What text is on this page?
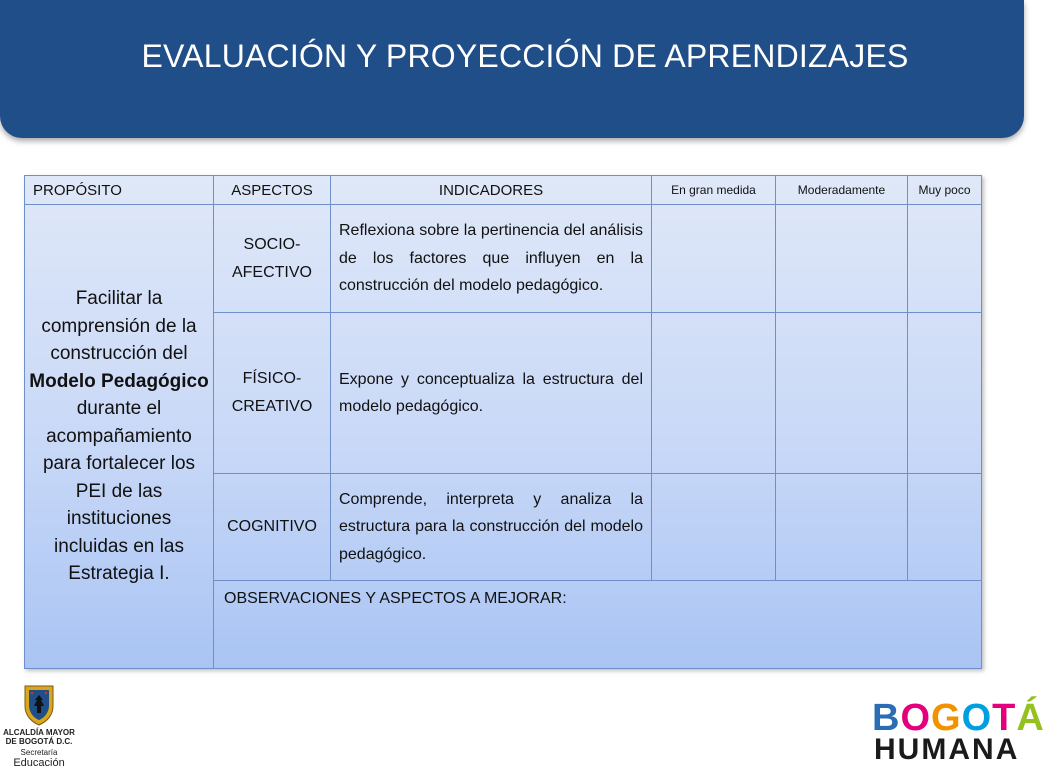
EVALUACIÓN Y PROYECCIÓN DE APRENDIZAJES
PROPÓSITO	ASPECTOS	INDICADORES	En gran medida	Moderadamente	Muy poco
Facilitar la comprensión de la construcción del Modelo Pedagógico durante el acompañamiento para fortalecer los PEI de las instituciones incluidas en las Estrategia I.	SOCIO-AFECTIVO	Reflexiona sobre la pertinencia del análisis de los factores que influyen en la construcción del modelo pedagógico.			
	FÍSICO-CREATIVO	Expone y conceptualiza la estructura del modelo pedagógico.			
	COGNITIVO	Comprende, interpreta y analiza la estructura para la construcción del modelo pedagógico.			
	OBSERVACIONES Y ASPECTOS A MEJORAR:				
ALCALDÍA MAYOR
DE BOGOTÁ D.C.
Secretaría
Educación
BOGOTÁ
HUMANA
